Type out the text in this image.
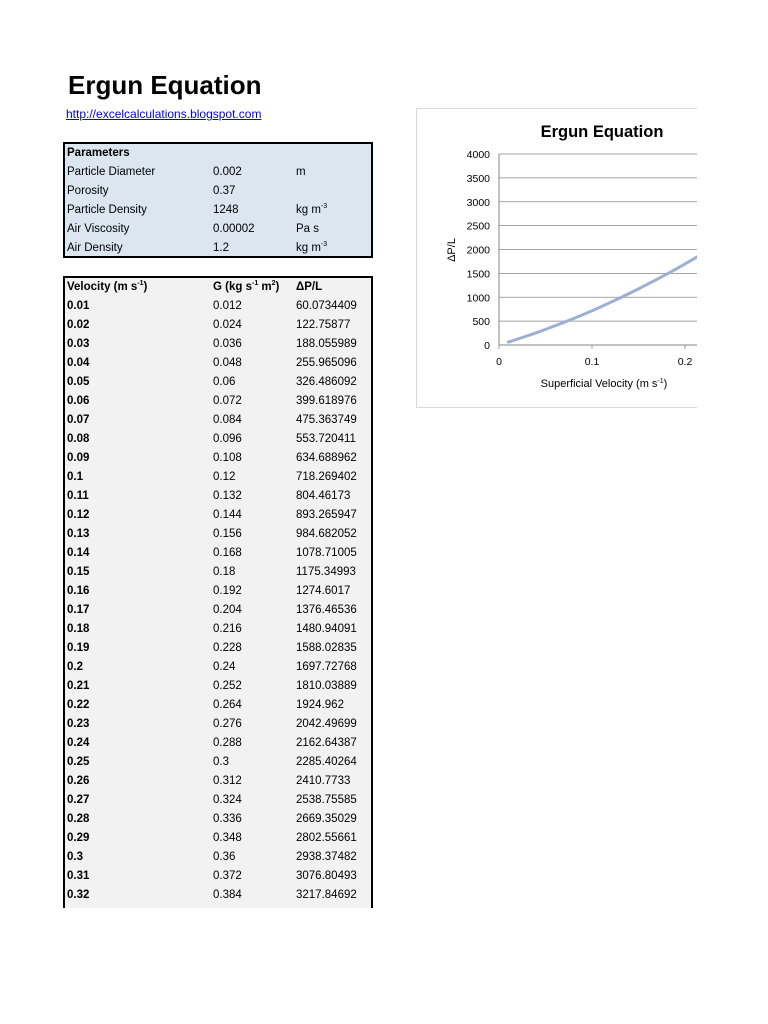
Ergun Equation
http://excelcalculations.blogspot.com
Parameters
Particle Diameter	0.002	m
Porosity	0.37
Particle Density	1248	kg $m^{-3}$
Air Viscosity	0.00002	Pa s
Air Density	1.2	kg $m^{-3}$
Velocity (m $s^{-1}$)	G (kg $s^{-1}$ $m^2$)	ΔP/L
0.01	0.012	60.0734409
0.02	0.024	122.75877
0.03	0.036	188.055989
0.04	0.048	255.965096
0.05	0.06	326.486092
0.06	0.072	399.618976
0.07	0.084	475.363749
0.08	0.096	553.720411
0.09	0.108	634.688962
0.1	0.12	718.269402
0.11	0.132	804.46173
0.12	0.144	893.265947
0.13	0.156	984.682052
0.14	0.168	1078.71005
0.15	0.18	1175.34993
0.16	0.192	1274.6017
0.17	0.204	1376.46536
0.18	0.216	1480.94091
0.19	0.228	1588.02835
0.2	0.24	1697.72768
0.21	0.252	1810.03889
0.22	0.264	1924.962
0.23	0.276	2042.49699
0.24	0.288	2162.64387
0.25	0.3	2285.40264
0.26	0.312	2410.7733
0.27	0.324	2538.75585
0.28	0.336	2669.35029
0.29	0.348	2802.55661
0.3	0.36	2938.37482
0.31	0.372	3076.80493
0.32	0.384	3217.84692
Ergun Equation
Superficial Velocity (m $s^{-1}$)
ΔP/L
0
500
1000
1500
2000
2500
3000
3500
4000
0	0.1	0.2
